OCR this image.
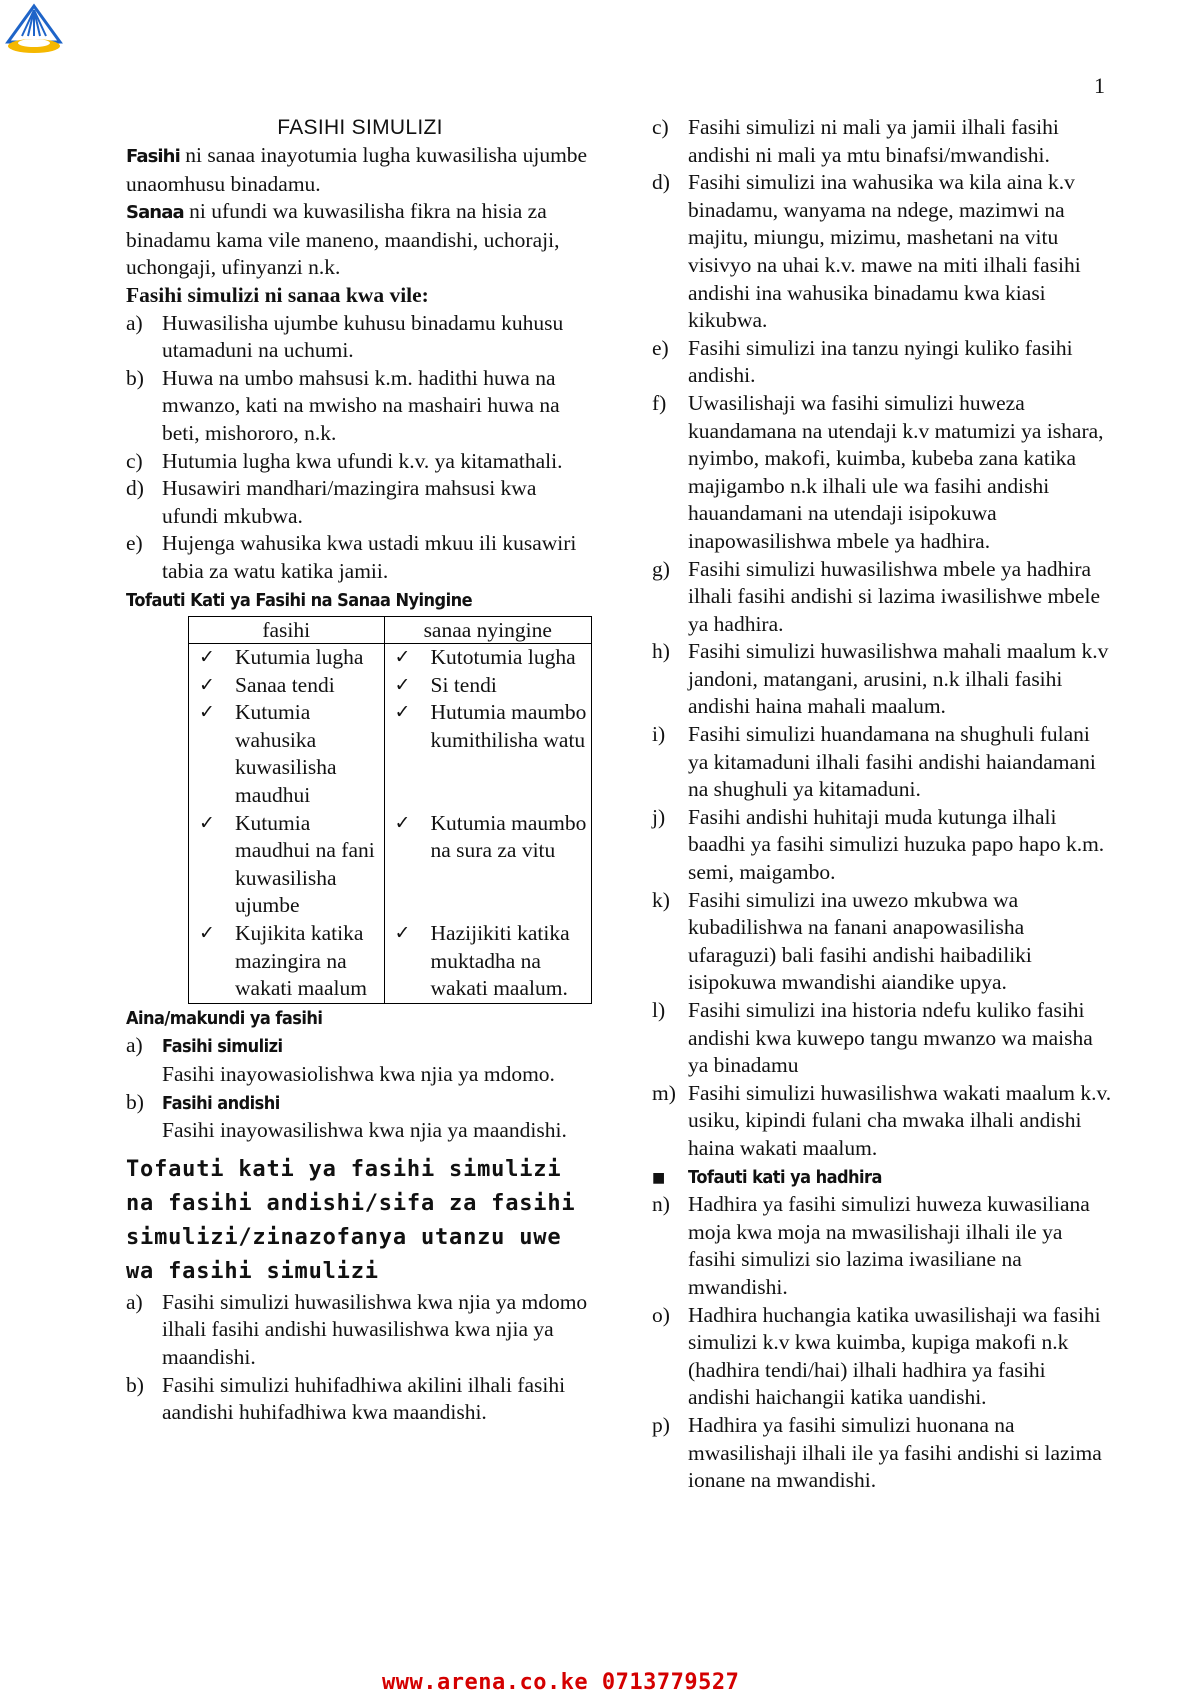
1
FASIHI SIMULIZI
Fasihi ni sanaa inayotumia lugha kuwasilisha ujumbe unaomhusu binadamu.
Sanaa ni ufundi wa kuwasilisha fikra na hisia za binadamu kama vile maneno, maandishi, uchoraji, uchongaji, ufinyanzi n.k.
Fasihi simulizi ni sanaa kwa vile:
a) Huwasilisha ujumbe kuhusu binadamu kuhusu utamaduni na uchumi.
b) Huwa na umbo mahsusi k.m. hadithi huwa na mwanzo, kati na mwisho na mashairi huwa na beti, mishororo, n.k.
c) Hutumia lugha kwa ufundi k.v. ya kitamathali.
d) Husawiri mandhari/mazingira mahsusi kwa ufundi mkubwa.
e) Hujenga wahusika kwa ustadi mkuu ili kusawiri tabia za watu katika jamii.
Tofauti Kati ya Fasihi na Sanaa Nyingine
fasihi	sanaa nyingine

✓ Kutumia lugha	✓ Kutotumia lugha

✓ Sanaa tendi	✓ Si tendi

✓ Kutumia wahusika kuwasilisha maudhui	✓ Hutumia maumbo kumithilisha watu

✓ Kutumia maudhui na fani kuwasilisha ujumbe	✓ Kutumia maumbo na sura za vitu

✓ Kujikita katika mazingira na wakati maalum	✓ Hazijikiti katika muktadha na wakati maalum.
Aina/makundi ya fasihi
a) Fasihi simulizi
Fasihi inayowasiolishwa kwa njia ya mdomo.
b) Fasihi andishi
Fasihi inayowasilishwa kwa njia ya maandishi.
Tofauti kati ya fasihi simulizi na fasihi andishi/sifa za fasihi simulizi/zinazofanya utanzu uwe wa fasihi simulizi
a) Fasihi simulizi huwasilishwa kwa njia ya mdomo ilhali fasihi andishi huwasilishwa kwa njia ya maandishi.
b) Fasihi simulizi huhifadhiwa akilini ilhali fasihi aandishi huhifadhiwa kwa maandishi.
c) Fasihi simulizi ni mali ya jamii ilhali fasihi andishi ni mali ya mtu binafsi/mwandishi.
d) Fasihi simulizi ina wahusika wa kila aina k.v binadamu, wanyama na ndege, mazimwi na majitu, miungu, mizimu, mashetani na vitu visivyo na uhai k.v. mawe na miti ilhali fasihi andishi ina wahusika binadamu kwa kiasi kikubwa.
e) Fasihi simulizi ina tanzu nyingi kuliko fasihi andishi.
f) Uwasilishaji wa fasihi simulizi huweza kuandamana na utendaji k.v matumizi ya ishara, nyimbo, makofi, kuimba, kubeba zana katika majigambo n.k ilhali ule wa fasihi andishi hauandamani na utendaji isipokuwa inapowasilishwa mbele ya hadhira.
g) Fasihi simulizi huwasilishwa mbele ya hadhira ilhali fasihi andishi si lazima iwasilishwe mbele ya hadhira.
h) Fasihi simulizi huwasilishwa mahali maalum k.v jandoni, matangani, arusini, n.k ilhali fasihi andishi haina mahali maalum.
i) Fasihi simulizi huandamana na shughuli fulani ya kitamaduni ilhali fasihi andishi haiandamani na shughuli ya kitamaduni.
j) Fasihi andishi huhitaji muda kutunga ilhali baadhi ya fasihi simulizi huzuka papo hapo k.m. semi, maigambo.
k) Fasihi simulizi ina uwezo mkubwa wa kubadilishwa na fanani anapowasilisha ufaraguzi) bali fasihi andishi haibadiliki isipokuwa mwandishi aiandike upya.
l) Fasihi simulizi ina historia ndefu kuliko fasihi andishi kwa kuwepo tangu mwanzo wa maisha ya binadamu
m) Fasihi simulizi huwasilishwa wakati maalum k.v. usiku, kipindi fulani cha mwaka ilhali andishi haina wakati maalum.
■ Tofauti kati ya hadhira
n) Hadhira ya fasihi simulizi huweza kuwasiliana moja kwa moja na mwasilishaji ilhali ile ya fasihi simulizi sio lazima iwasiliane na mwandishi.
o) Hadhira huchangia katika uwasilishaji wa fasihi simulizi k.v kwa kuimba, kupiga makofi n.k (hadhira tendi/hai) ilhali hadhira ya fasihi andishi haichangii katika uandishi.
p) Hadhira ya fasihi simulizi huonana na mwasilishaji ilhali ile ya fasihi andishi si lazima ionane na mwandishi.
www.arena.co.ke 0713779527
